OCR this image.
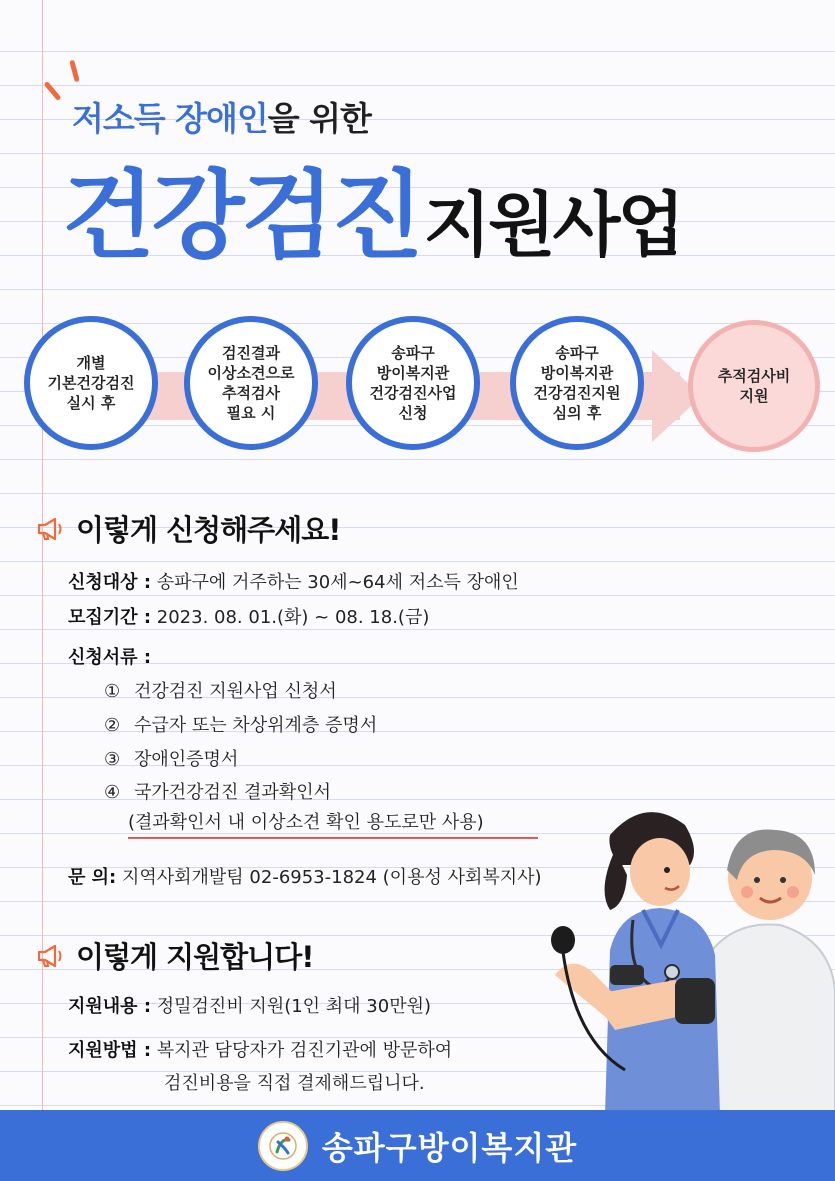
저소득 장애인을 위한
건강검진 지원사업
개별
기본건강검진
실시 후
검진결과
이상소견으로
추적검사
필요 시
송파구
방이복지관
건강검진사업
신청
송파구
방이복지관
건강검진지원
심의 후
추적검사비
지원
이렇게 신청해주세요!
신청대상 : 송파구에 거주하는 30세~64세 저소득 장애인
모집기간 : 2023. 08. 01.(화) ~ 08. 18.(금)
신청서류 :
① 건강검진 지원사업 신청서
② 수급자 또는 차상위계층 증명서
③ 장애인증명서
④ 국가건강검진 결과확인서
(결과확인서 내 이상소견 확인 용도로만 사용)
문 의: 지역사회개발팀 02-6953-1824 (이용성 사회복지사)
이렇게 지원합니다!
지원내용 : 정밀검진비 지원(1인 최대 30만원)
지원방법 : 복지관 담당자가 검진기관에 방문하여
검진비용을 직접 결제해드립니다.
송파구방이복지관
